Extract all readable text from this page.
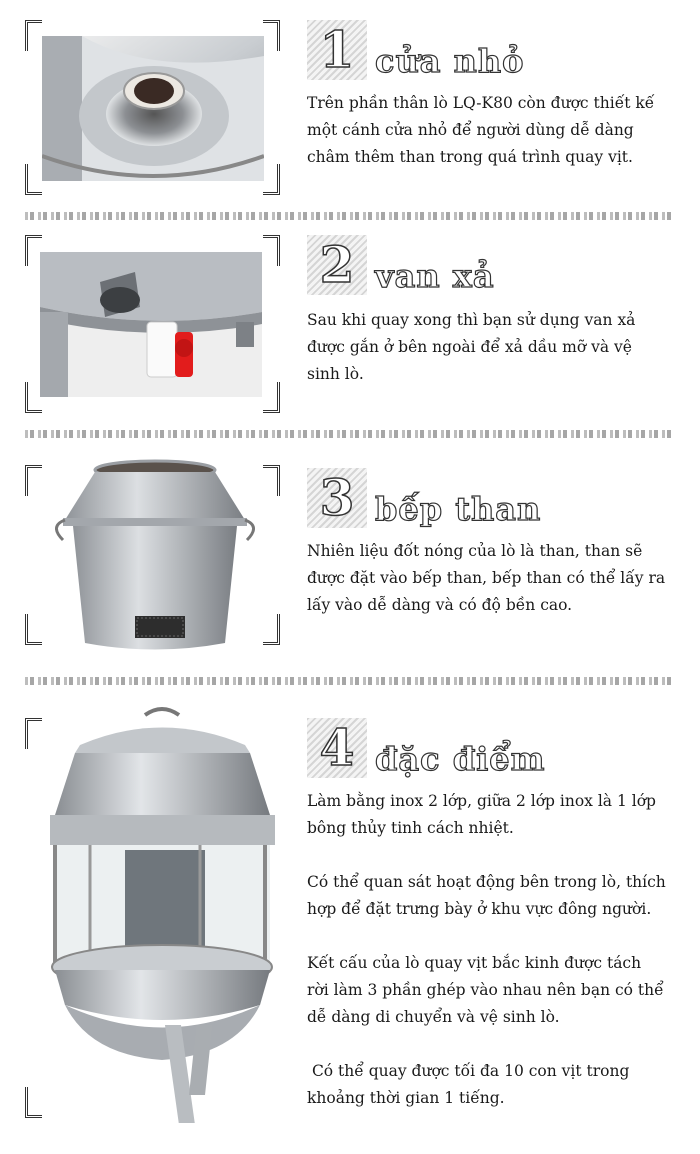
1 cửa nhỏ

Trên phần thân lò LQ-K80 còn được thiết kế một cánh cửa nhỏ để người dùng dễ dàng châm thêm than trong quá trình quay vịt.

2 van xả

Sau khi quay xong thì bạn sử dụng van xả được gắn ở bên ngoài để xả dầu mỡ và vệ sinh lò.

3 bếp than

Nhiên liệu đốt nóng của lò là than, than sẽ được đặt vào bếp than, bếp than có thể lấy ra lấy vào dễ dàng và có độ bền cao.

4 đặc điểm

Làm bằng inox 2 lớp, giữa 2 lớp inox là 1 lớp bông thủy tinh cách nhiệt.

Có thể quan sát hoạt động bên trong lò, thích hợp để đặt trưng bày ở khu vực đông người.

Kết cấu của lò quay vịt bắc kinh được tách rời làm 3 phần ghép vào nhau nên bạn có thể dễ dàng di chuyển và vệ sinh lò.

Có thể quay được tối đa 10 con vịt trong khoảng thời gian 1 tiếng.
